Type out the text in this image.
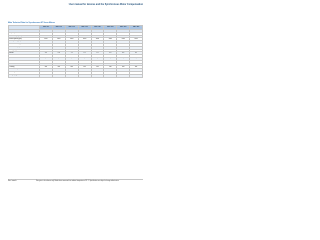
User manual for devices and the Synchronous Motor Compensation
Main Technical Data for Synchronous AC Servo Motors
	SMC-90	SMC-110	SMC-130	SMC-150	SMC-180	SMC-200	SMC-220	SMC-260
	01	02	03	04	05	06	07	08
Output power	0.4	0.75	1.0	1.5	2.0	2.6	3.0	3.8
Rated torque (Nm)	1.3	2.4	3.2	4.8	6.4	8.3	9.5	12
Rated speed (rpm)	3000	3000	3000	3000	3000	3000	3000	3000
Max speed (rpm)	5000	5000	5000	5000	4500	4500	4000	4000
Rated current (A)	2.8	4.4	5.5	7.5	9.6	12	14	17
Max current (A)	8.4	13	16	22	28	36	42	51
Voltage (V)	220	220	220	220	380	380	380	380
Inertia	0.3	0.6	1.1	1.8	2.9	3.6	4.8	6.2
Encoder	17bit	17bit	17bit	17bit	23bit	23bit	23bit	23bit
Brake	opt	opt	opt	opt	opt	opt	opt	opt
Protection class	IP65	IP65	IP65	IP65	IP65	IP65	IP65	IP65
Insulation class	F	F	F	F	F	F	F	F
Cooling	self	self	self	self	self	self	self	self
Ambient temperature	0–40	0–40	0–40	0–40	0–40	0–40	0–40	0–40
Humidity	<90%	<90%	<90%	<90%	<90%	<90%	<90%	<90%
Weight (kg)	1.2	2.1	3.4	4.6	6.8	8.5	10	13
Note / remarks	Data given is for reference only. Rated values measured at an ambient temperature of 20 °C. Specifications are subject to change without notice.
